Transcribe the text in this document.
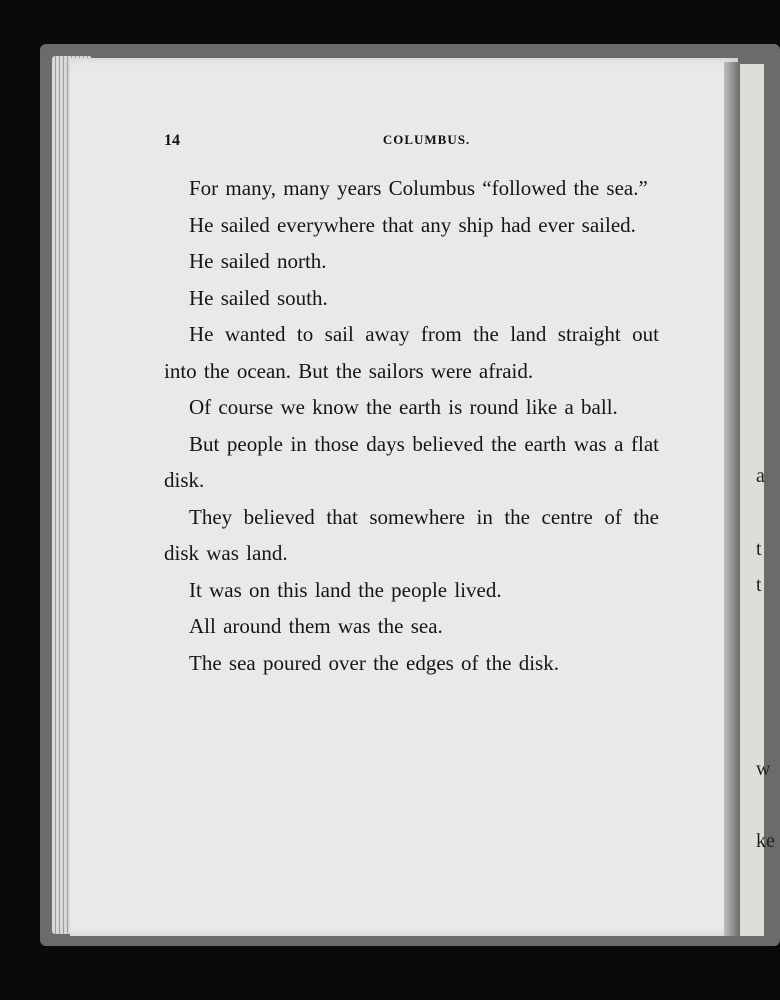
a
t
t
w
ke
14	COLUMBUS.

For many, many years Columbus “followed the sea.”

He sailed everywhere that any ship had ever sailed.

He sailed north.

He sailed south.

He wanted to sail away from the land straight out into the ocean. But the sailors were afraid.

Of course we know the earth is round like a ball.

But people in those days believed the earth was a flat disk.

They believed that somewhere in the centre of the disk was land.

It was on this land the people lived.

All around them was the sea.

The sea poured over the edges of the disk.
